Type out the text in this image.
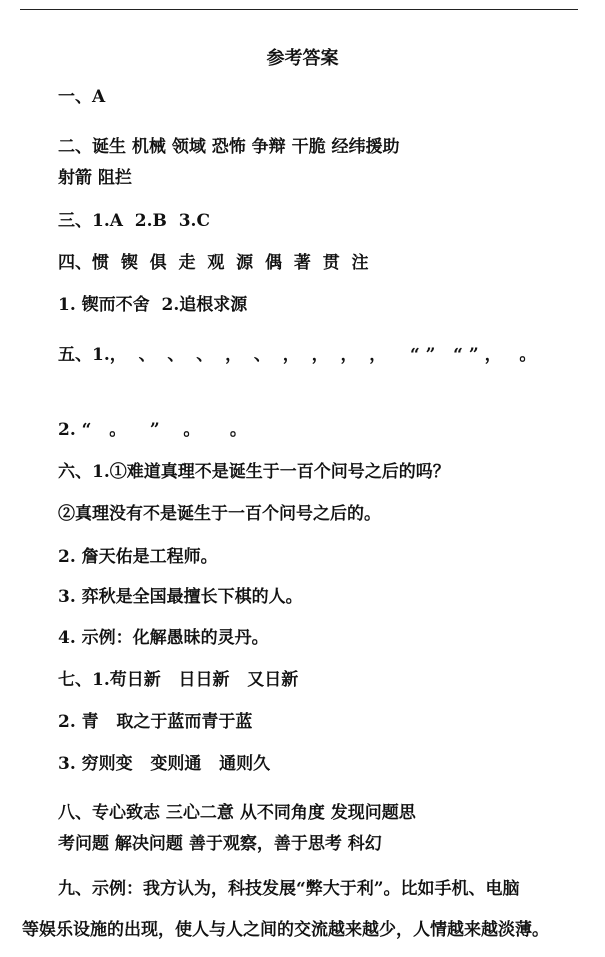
参考答案
一、A
二、诞生 机械 领域 恐怖 争辩 干脆 经纬援助
射箭 阻拦
三、1.A  2.B  3.C
四、惯  锲  俱  走  观  源  偶  著  贯  注
1. 锲而不舍  2.追根求源
五、1.，  、  、  、  ，  、  ，  ，  ，  ，    “ ”   “ ” ，   。
2. “   。    ”    。     。
六、1.①难道真理不是诞生于一百个问号之后的吗？
②真理没有不是诞生于一百个问号之后的。
2. 詹天佑是工程师。
3. 弈秋是全国最擅长下棋的人。
4. 示例：化解愚昧的灵丹。
七、1.苟日新   日日新   又日新
2. 青   取之于蓝而青于蓝
3. 穷则变   变则通   通则久
八、专心致志 三心二意 从不同角度 发现问题思
考问题 解决问题 善于观察，善于思考 科幻
九、示例：我方认为，科技发展“弊大于利”。比如手机、电脑
等娱乐设施的出现，使人与人之间的交流越来越少，人情越来越淡薄。
